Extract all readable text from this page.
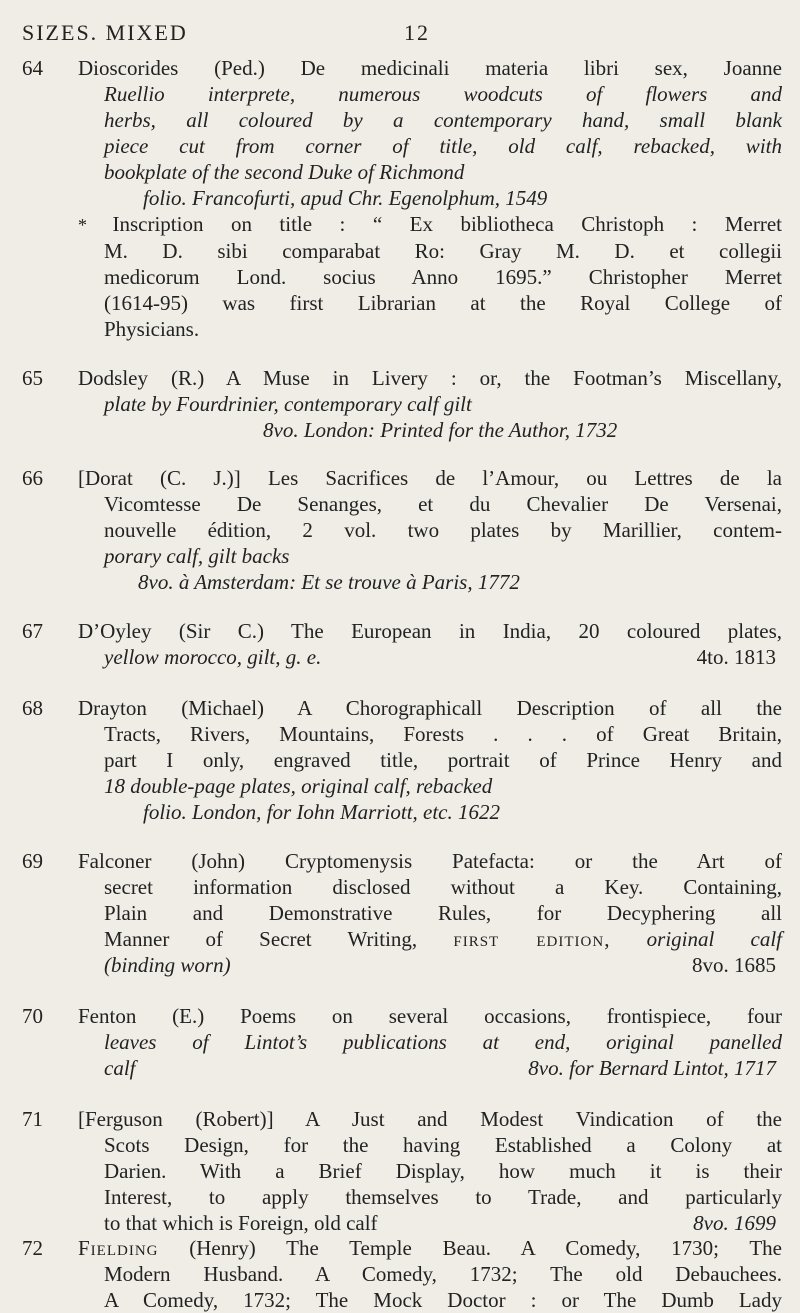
SIZES. MIXED	12
64	Dioscorides (Ped.) De medicinali materia libri sex, Joanne
Ruellio interprete, numerous woodcuts of flowers and
herbs, all coloured by a contemporary hand, small blank
piece cut from corner of title, old calf, rebacked, with
bookplate of the second Duke of Richmond
folio. Francofurti, apud Chr. Egenolphum, 1549
* Inscription on title : “ Ex bibliotheca Christoph : Merret
M. D. sibi comparabat Ro: Gray M. D. et collegii
medicorum Lond. socius Anno 1695.” Christopher Merret
(1614-95) was first Librarian at the Royal College of
Physicians.
65	Dodsley (R.) A Muse in Livery : or, the Footman’s Miscellany,
plate by Fourdrinier, contemporary calf gilt
8vo. London: Printed for the Author, 1732
66	[Dorat (C. J.)] Les Sacrifices de l’Amour, ou Lettres de la
Vicomtesse De Senanges, et du Chevalier De Versenai,
nouvelle édition, 2 vol. two plates by Marillier, contem-
porary calf, gilt backs
8vo. à Amsterdam: Et se trouve à Paris, 1772
67	D’Oyley (Sir C.) The European in India, 20 coloured plates,
yellow morocco, gilt, g. e.	4to. 1813
68	Drayton (Michael) A Chorographicall Description of all the
Tracts, Rivers, Mountains, Forests . . . of Great Britain,
part I only, engraved title, portrait of Prince Henry and
18 double-page plates, original calf, rebacked
folio. London, for Iohn Marriott, etc. 1622
69	Falconer (John) Cryptomenysis Patefacta: or the Art of
secret information disclosed without a Key. Containing,
Plain and Demonstrative Rules, for Decyphering all
Manner of Secret Writing, first edition, original calf
(binding worn)	8vo. 1685
70	Fenton (E.) Poems on several occasions, frontispiece, four
leaves of Lintot’s publications at end, original panelled
calf	8vo. for Bernard Lintot, 1717
71	[Ferguson (Robert)] A Just and Modest Vindication of the
Scots Design, for the having Established a Colony at
Darien. With a Brief Display, how much it is their
Interest, to apply themselves to Trade, and particularly
to that which is Foreign, old calf	8vo. 1699
72	Fielding (Henry) The Temple Beau. A Comedy, 1730; The
Modern Husband. A Comedy, 1732; The old Debauchees.
A Comedy, 1732; The Mock Doctor : or The Dumb Lady
